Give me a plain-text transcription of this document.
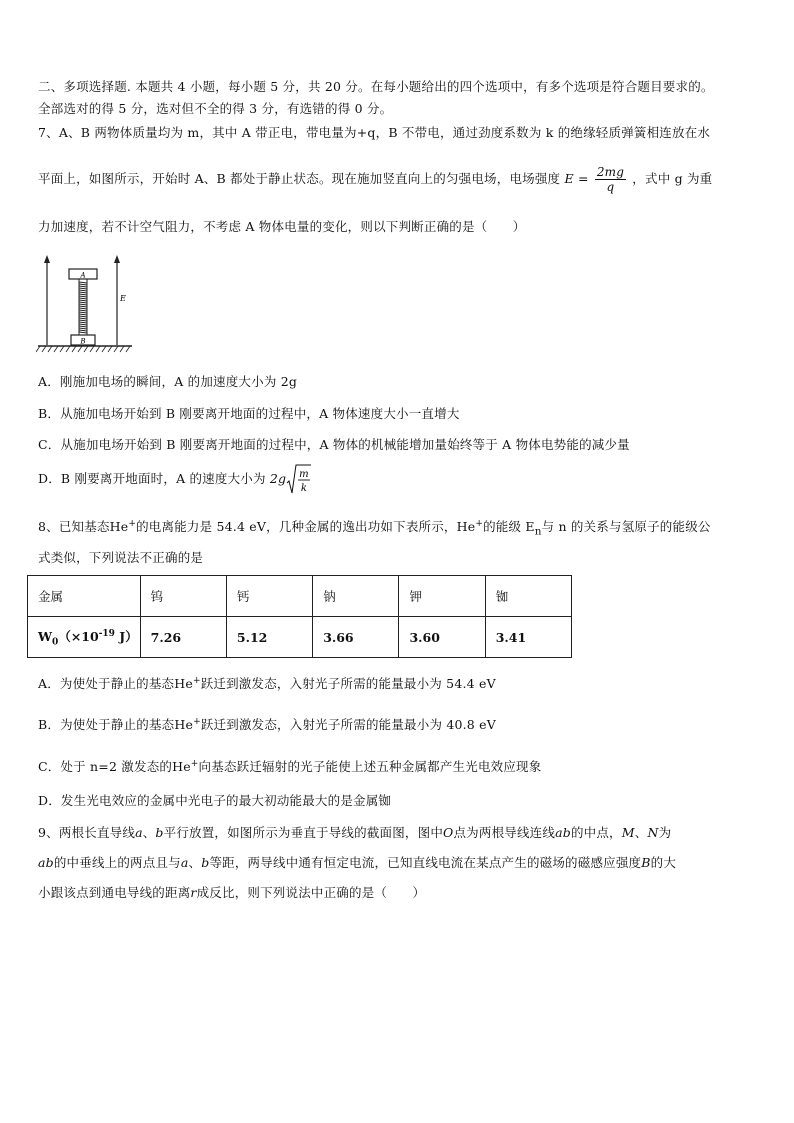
二、多项选择题. 本题共 4 小题，每小题 5 分，共 20 分。在每小题给出的四个选项中，有多个选项是符合题目要求的。
全部选对的得 5 分，选对但不全的得 3 分，有选错的得 0 分。
7、A、B 两物体质量均为 m，其中 A 带正电，带电量为+q，B 不带电，通过劲度系数为 k 的绝缘轻质弹簧相连放在水
平面上，如图所示，开始时 A、B 都处于静止状态。现在施加竖直向上的匀强电场，电场强度 $E = \frac{2mg}{q}$ ，式中 g 为重
力加速度，若不计空气阻力，不考虑 A 物体电量的变化，则以下判断正确的是（　　）
A
B
E
A．刚施加电场的瞬间，A 的加速度大小为 2g
B．从施加电场开始到 B 刚要离开地面的过程中，A 物体速度大小一直增大
C．从施加电场开始到 B 刚要离开地面的过程中，A 物体的机械能增加量始终等于 A 物体电势能的减少量
D．B 刚要离开地面时，A 的速度大小为 2g m
k
8、已知基态He+的电离能力是 54.4 eV，几种金属的逸出功如下表所示，He+的能级 $E_n$与 n 的关系与氢原子的能级公
式类似，下列说法不正确的是
金属	钨	钙	钠	钾	铷
$W_0(\times 10^{-19}$ J）	7.26	5.12	3.66	3.60	3.41
A．为使处于静止的基态He+跃迁到激发态，入射光子所需的能量最小为 54.4 eV
B．为使处于静止的基态He+跃迁到激发态，入射光子所需的能量最小为 40.8 eV
C．处于 n=2 激发态的He+向基态跃迁辐射的光子能使上述五种金属都产生光电效应现象
D．发生光电效应的金属中光电子的最大初动能最大的是金属铷
9、两根长直导线a、b平行放置，如图所示为垂直于导线的截面图，图中O点为两根导线连线ab的中点，M、N为
ab的中垂线上的两点且与a、b等距，两导线中通有恒定电流，已知直线电流在某点产生的磁场的磁感应强度B的大
小跟该点到通电导线的距离r成反比，则下列说法中正确的是（　　）
